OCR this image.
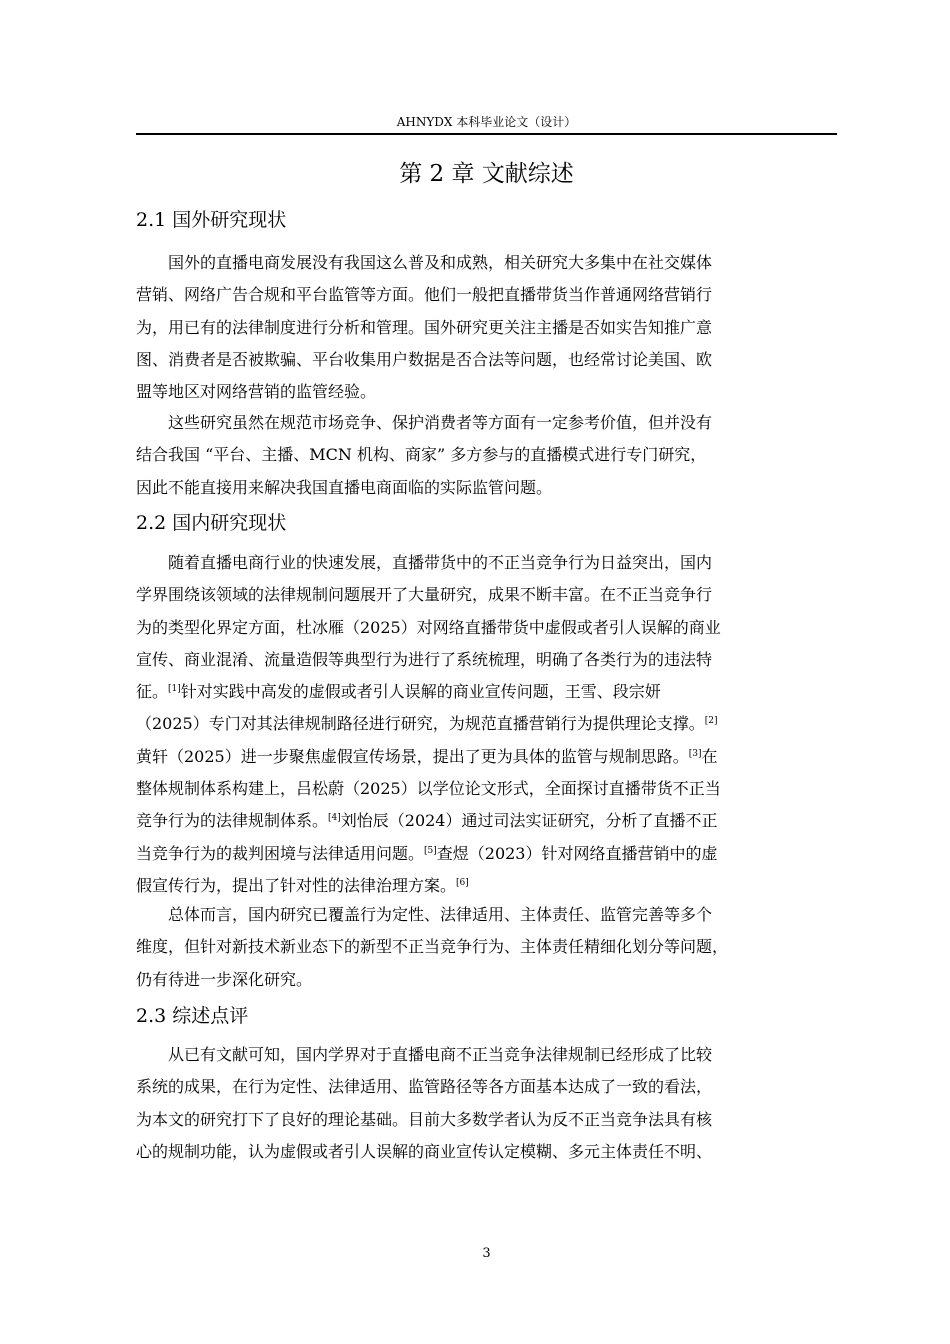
AHNYDX 本科毕业论文（设计）
第 2 章 文献综述
2.1 国外研究现状
国外的直播电商发展没有我国这么普及和成熟，相关研究大多集中在社交媒体
营销、网络广告合规和平台监管等方面。他们一般把直播带货当作普通网络营销行
为，用已有的法律制度进行分析和管理。国外研究更关注主播是否如实告知推广意
图、消费者是否被欺骗、平台收集用户数据是否合法等问题，也经常讨论美国、欧
盟等地区对网络营销的监管经验。
这些研究虽然在规范市场竞争、保护消费者等方面有一定参考价值，但并没有
结合我国 “平台、主播、MCN 机构、商家” 多方参与的直播模式进行专门研究，
因此不能直接用来解决我国直播电商面临的实际监管问题。
2.2 国内研究现状
随着直播电商行业的快速发展，直播带货中的不正当竞争行为日益突出，国内
学界围绕该领域的法律规制问题展开了大量研究，成果不断丰富。在不正当竞争行
为的类型化界定方面，杜冰雁（2025）对网络直播带货中虚假或者引人误解的商业
宣传、商业混淆、流量造假等典型行为进行了系统梳理，明确了各类行为的违法特
征。[1]针对实践中高发的虚假或者引人误解的商业宣传问题，王雪、段宗妍
（2025）专门对其法律规制路径进行研究，为规范直播营销行为提供理论支撑。[2]
黄轩（2025）进一步聚焦虚假宣传场景，提出了更为具体的监管与规制思路。[3]在
整体规制体系构建上，吕松蔚（2025）以学位论文形式，全面探讨直播带货不正当
竞争行为的法律规制体系。[4]刘怡辰（2024）通过司法实证研究，分析了直播不正
当竞争行为的裁判困境与法律适用问题。[5]查煜（2023）针对网络直播营销中的虚
假宣传行为，提出了针对性的法律治理方案。[6]
总体而言，国内研究已覆盖行为定性、法律适用、主体责任、监管完善等多个
维度，但针对新技术新业态下的新型不正当竞争行为、主体责任精细化划分等问题，
仍有待进一步深化研究。
2.3 综述点评
从已有文献可知，国内学界对于直播电商不正当竞争法律规制已经形成了比较
系统的成果，在行为定性、法律适用、监管路径等各方面基本达成了一致的看法，
为本文的研究打下了良好的理论基础。目前大多数学者认为反不正当竞争法具有核
心的规制功能，认为虚假或者引人误解的商业宣传认定模糊、多元主体责任不明、
3
